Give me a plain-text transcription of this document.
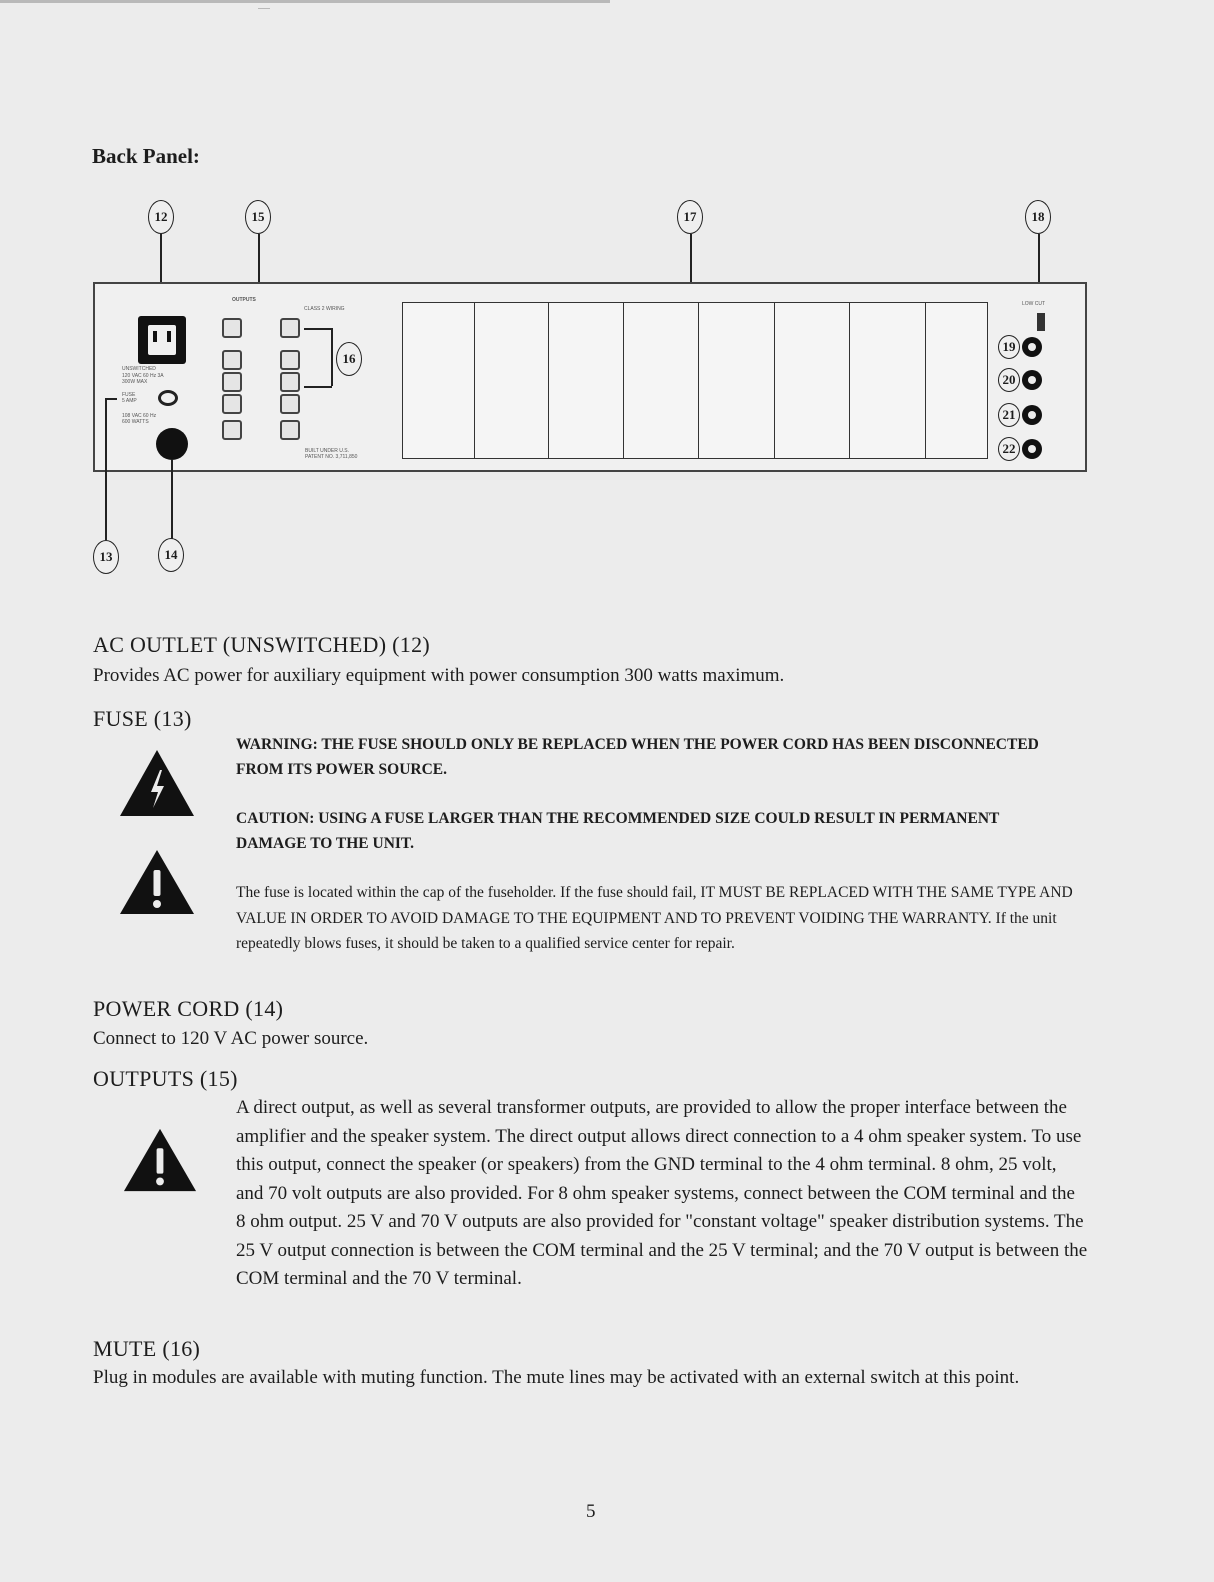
Back Panel:
12	15	17	18
UNSWITCHED
120 VAC 60 Hz 3A
300W MAX
FUSE
5 AMP
108 VAC 60 Hz
600 WATTS
OUTPUTS
CLASS 2 WIRING
BUILT UNDER U.S.
PATENT NO. 3,711,850
16
LOW CUT
19
20
21
22
13	14
AC OUTLET (UNSWITCHED) (12)
Provides AC power for auxiliary equipment with power consumption 300 watts maximum.
FUSE (13)
WARNING: THE FUSE SHOULD ONLY BE REPLACED WHEN THE POWER CORD HAS BEEN DISCONNECTED FROM ITS POWER SOURCE.
CAUTION: USING A FUSE LARGER THAN THE RECOMMENDED SIZE COULD RESULT IN PERMANENT DAMAGE TO THE UNIT.
The fuse is located within the cap of the fuseholder. If the fuse should fail, IT MUST BE REPLACED WITH THE SAME TYPE AND VALUE IN ORDER TO AVOID DAMAGE TO THE EQUIPMENT AND TO PREVENT VOIDING THE WARRANTY. If the unit repeatedly blows fuses, it should be taken to a qualified service center for repair.
POWER CORD (14)
Connect to 120 V AC power source.
OUTPUTS (15)
A direct output, as well as several transformer outputs, are provided to allow the proper interface between the amplifier and the speaker system. The direct output allows direct connection to a 4 ohm speaker system. To use this output, connect the speaker (or speakers) from the GND terminal to the 4 ohm terminal. 8 ohm, 25 volt, and 70 volt outputs are also provided. For 8 ohm speaker systems, connect between the COM terminal and the 8 ohm output. 25 V and 70 V outputs are also provided for "constant voltage" speaker distribution systems. The 25 V output connection is between the COM terminal and the 25 V terminal; and the 70 V output is between the COM terminal and the 70 V terminal.
MUTE (16)
Plug in modules are available with muting function. The mute lines may be activated with an external switch at this point.
5
